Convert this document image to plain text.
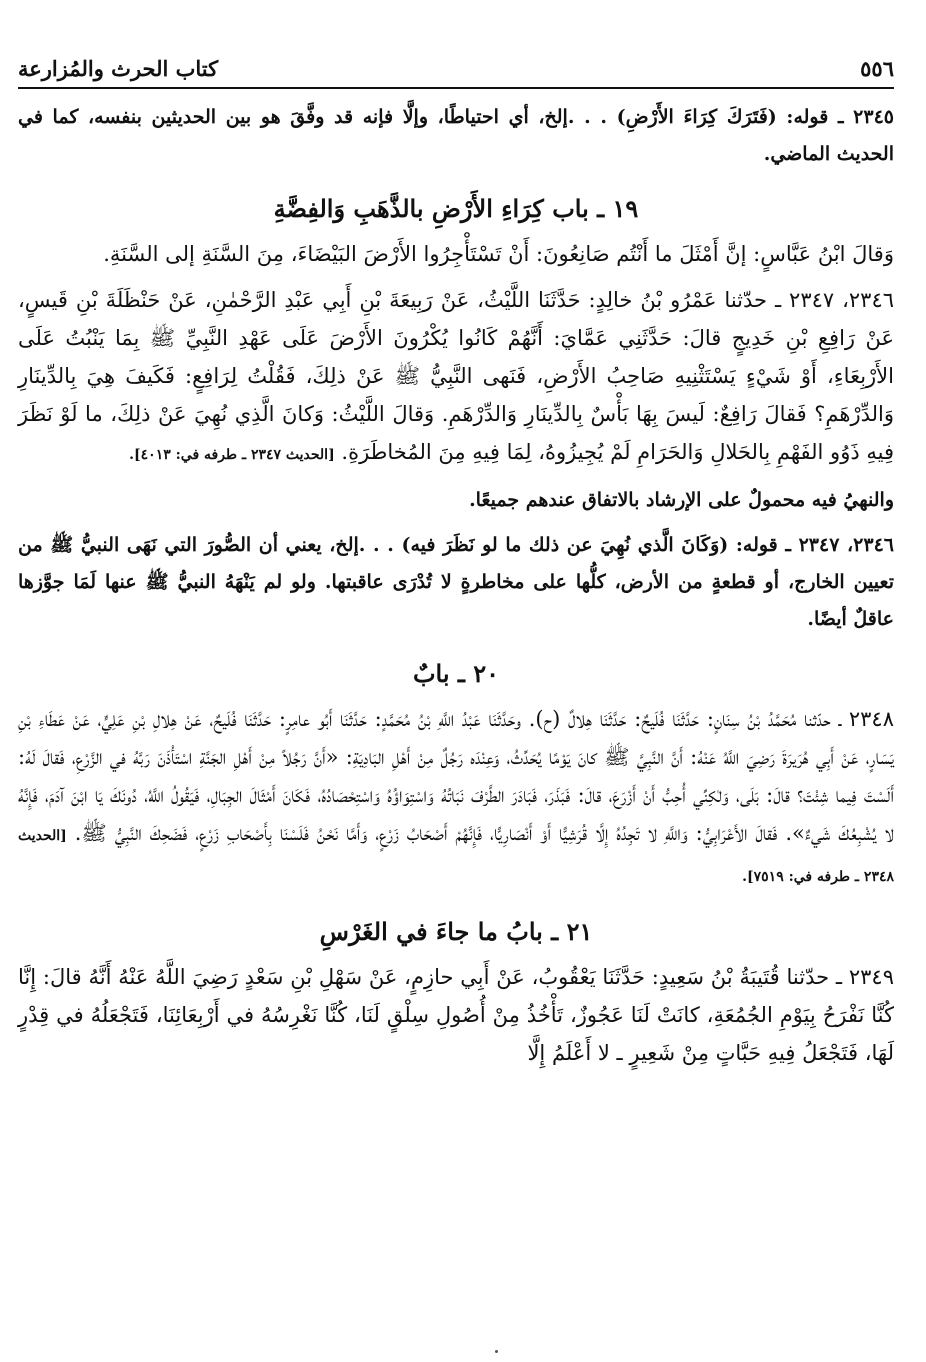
٥٥٦
كتاب الحرث والمُزارعة

٢٣٤٥ ـ قوله: (فَتَرَكَ كِرَاءَ الأَرْضِ) . . .إلخ، أي احتياطًا، وإلَّا فإنه قد وفَّقَ هو بين الحديثين بنفسه، كما في الحديث الماضي.

١٩ ـ باب كِرَاءِ الأَرْضِ بالذَّهَبِ وَالفِضَّةِ

وَقالَ ابْنُ عَبَّاسٍ: إنَّ أَمْثَلَ ما أَنْتُم صَانِعُونَ: أَنْ تَسْتَأْجِرُوا الأَرْضَ البَيْضَاءَ، مِنَ السَّنَةِ إلى السَّنَةِ.

٢٣٤٦، ٢٣٤٧ ـ حدّثنا عَمْرُو بْنُ خالِدٍ: حَدَّثَنَا اللَّيْثُ، عَنْ رَبِيعَةَ بْنِ أَبِي عَبْدِ الرَّحْمٰنِ، عَنْ حَنْظَلَةَ بْنِ قَيسٍ، عَنْ رَافِعِ بْنِ خَدِيجٍ قالَ: حَدَّثَنِي عَمَّايَ: أَنَّهُمْ كَانُوا يُكْرُونَ الأَرْضَ عَلَى عَهْدِ النَّبِيِّ ﷺ بِمَا يَنْبُتُ عَلَى الأَرْبِعَاءِ، أَوْ شَيْءٍ يَسْتَثْنِيهِ صَاحِبُ الأَرْضِ، فَنَهى النَّبِيُّ ﷺ عَنْ ذلِكَ، فَقُلْتُ لِرَافِعٍ: فَكَيفَ هِيَ بِالدِّينَارِ وَالدِّرْهَمِ؟ فَقالَ رَافِعٌ: لَيسَ بِهَا بَأْسٌ بِالدِّينَارِ وَالدِّرْهَمِ. وَقالَ اللَّيْثُ: وَكانَ الَّذِي نُهِيَ عَنْ ذلِكَ، ما لَوْ نَظَرَ فِيهِ ذَوُو الفَهْمِ بِالحَلالِ وَالحَرَامِ لَمْ يُجِيزُوهُ، لِمَا فِيهِ مِنَ المُخاطَرَةِ. [الحديث ٢٣٤٧ ـ طرفه في: ٤٠١٣].

والنهيُ فيه محمولٌ على الإرشاد بالاتفاق عندهم جميعًا.

٢٣٤٦، ٢٣٤٧ ـ قوله: (وَكَانَ الَّذي نُهِيَ عن ذلك ما لو نَظَرَ فيه) . . .إلخ، يعني أن الصُّورَ التي نَهَى النبيُّ ﷺ من تعيين الخارج، أو قطعةٍ من الأرض، كلُّها على مخاطرةٍ لا تُدْرَى عاقبتها. ولو لم يَنْهَهُ النبيُّ ﷺ عنها لَمَا جوَّزها عاقلٌ أيضًا.

٢٠ ـ بابٌ

٢٣٤٨ ـ حدّثنا مُحَمَّدُ بْنُ سِنَانٍ: حَدَّثَنَا فُلَيحٌ: حَدَّثَنَا هِلالٌ (ح). وحَدَّثَنَا عَبْدُ اللَّهِ بْنُ مُحَمَّدٍ: حَدَّثَنَا أَبُو عامِرٍ: حَدَّثَنَا فُلَيحٌ، عَنْ هِلالِ بْنِ عَلِيٍّ، عَنْ عَطَاءِ بْنِ يَسَارٍ، عَنْ أَبِي هُرَيرَةَ رَضِيَ اللَّهُ عَنْهُ: أَنَّ النَّبِيَّ ﷺ كانَ يَوْمًا يُحَدِّثُ، وَعِنْدَه رَجُلٌ مِنْ أَهْلِ البَادِيَةِ: «أَنَّ رَجُلاً مِنْ أَهْلِ الجَنَّةِ اسْتَأْذَنَ رَبَّهُ في الزَّرْعِ، فَقالَ لَهُ: أَلَسْتَ فِيما شِئْتَ؟ قالَ: بَلَى، وَلٰكِنِّي أُحِبُّ أَنْ أَزْرَعَ، قالَ: فَبَذَرَ، فَبَادَرَ الطَّرْفَ نَبَاتُهُ وَاسْتِوَاؤُهُ وَاسْتِحْصَادُهُ، فَكَانَ أَمْثَالَ الجِبَالِ، فَيَقُولُ اللَّهُ، دُونَكَ يَا ابْنَ آدَمَ، فَإِنَّهُ لا يُشْبِعُكَ شَيءٌ». فَقالَ الأَعْرَابِيُّ: وَاللَّهِ لا تَجِدُهُ إِلَّا قُرَشِيًّا أَوْ أَنْصَارِيًّا، فَإِنَّهُمْ أَصْحَابُ زَرْعٍ، وَأَمَّا نَحْنُ فَلَسْنَا بِأَصْحَابِ زَرْعٍ، فَضَحِكَ النَّبِيُّ ﷺ. [الحديث ٢٣٤٨ ـ طرفه في: ٧٥١٩].

٢١ ـ بابُ ما جاءَ في الغَرْسِ

٢٣٤٩ ـ حدّثنا قُتَيبَةُ بْنُ سَعِيدٍ: حَدَّثَنَا يَعْقُوبُ، عَنْ أَبِي حازِمٍ، عَنْ سَهْلِ بْنِ سَعْدٍ رَضِيَ اللَّهُ عَنْهُ أَنَّهُ قالَ: إِنَّا كُنَّا نَفْرَحُ بِيَوْمِ الجُمُعَةِ، كانَتْ لَنَا عَجُوزٌ، تَأْخُذُ مِنْ أُصُولِ سِلْقٍ لَنَا، كُنَّا نَغْرِسُهُ في أَرْبِعَائِنَا، فَتَجْعَلُهُ في قِدْرٍ لَهَا، فَتَجْعَلُ فِيهِ حَبَّاتٍ مِنْ شَعِيرٍ ـ لا أَعْلَمُ إِلَّا
